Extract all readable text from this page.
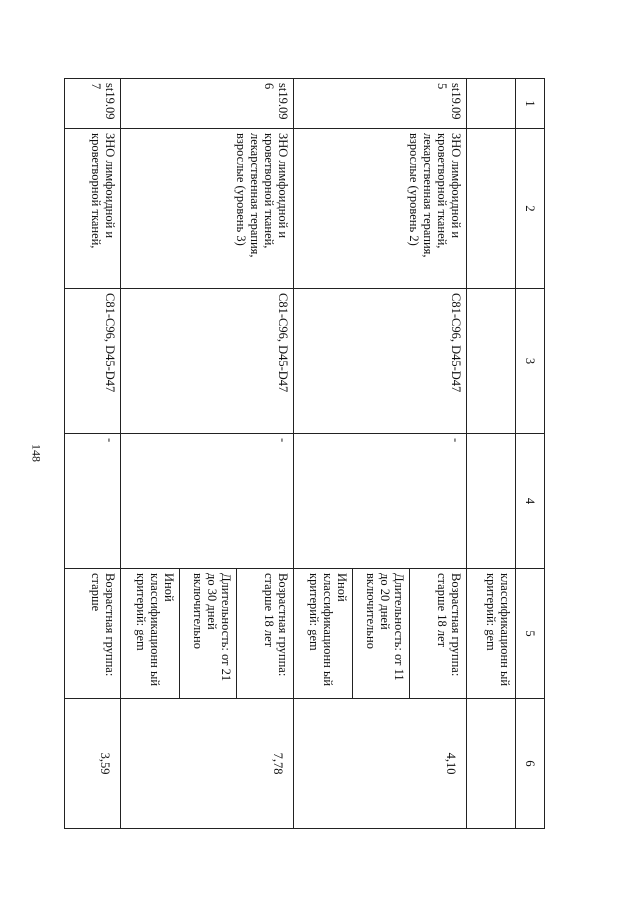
148
1	2	3	4	5	6
				классификационн ый критерий: gem	
st19.095	ЗНО лимфоидной и кроветворной тканей, лекарственная терапия, взрослые (уровень 2)	C81-C96, D45-D47	-	Возрастная группа: старше 18 лет	4,10
				Длительность: от 11 до 20 дней включительно	
				Иной классификационн ый критерий: gem	
st19.096	ЗНО лимфоидной и кроветворной тканей, лекарственная терапия, взрослые (уровень 3)	C81-C96, D45-D47	-	Возрастная группа: старше 18 лет	7,78
				Длительность: от 21 до 30 дней включительно	
				Иной классификационн ый критерий: gem	
st19.097	ЗНО лимфоидной и кроветворной тканей,	C81-C96, D45-D47	-	Возрастная группа: старше	3,59
